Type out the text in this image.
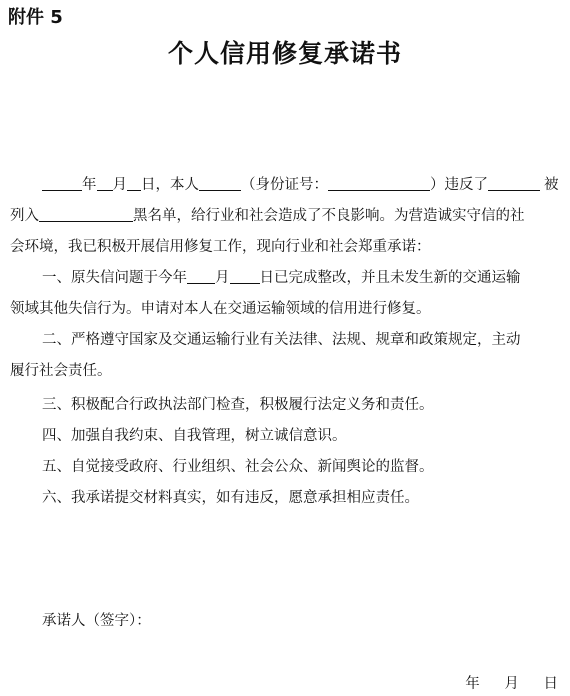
附件 5
个人信用修复承诺书
年 月 日，本人	（身份证号：	）违反了	被
列入	黑名单，给行业和社会造成了不良影响。为营造诚实守信的社
会环境，我已积极开展信用修复工作，现向行业和社会郑重承诺：
一、原失信问题于今年 月 日已完成整改，并且未发生新的交通运输
领域其他失信行为。申请对本人在交通运输领域的信用进行修复。
二、严格遵守国家及交通运输行业有关法律、法规、规章和政策规定，主动
履行社会责任。
三、积极配合行政执法部门检查，积极履行法定义务和责任。
四、加强自我约束、自我管理，树立诚信意识。
五、自觉接受政府、行业组织、社会公众、新闻舆论的监督。
六、我承诺提交材料真实，如有违反，愿意承担相应责任。
承诺人（签字）：
年 月 日
